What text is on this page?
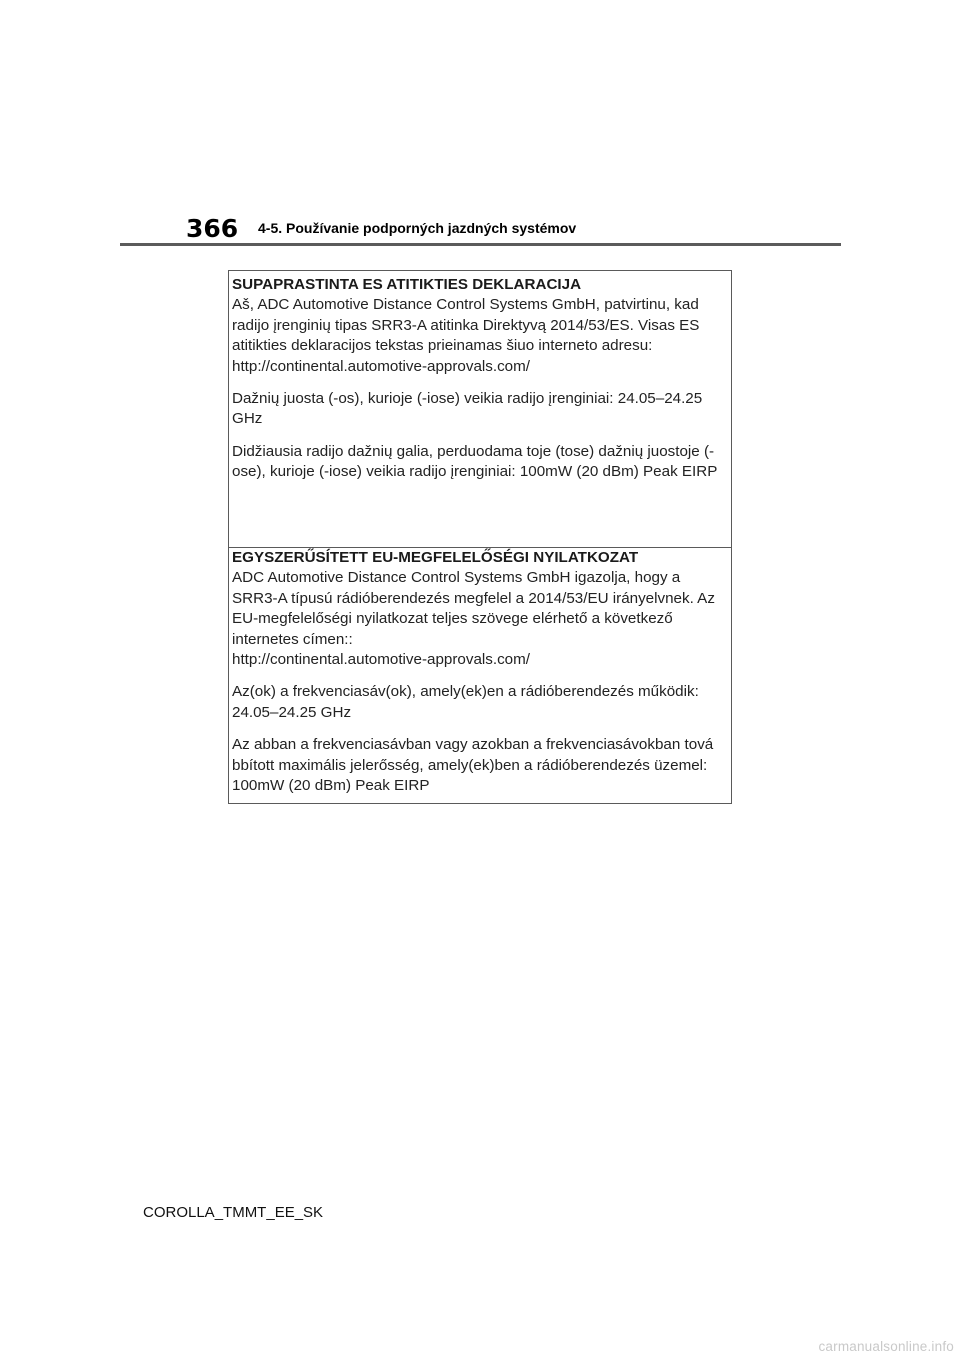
366 4-5. Používanie podporných jazdných systémov
SUPAPRASTINTA ES ATITIKTIES DEKLARACIJA

Aš, ADC Automotive Distance Control Systems GmbH, patvirtinu, kad
radijo įrenginių tipas SRR3-A atitinka Direktyvą 2014/53/ES. Visas ES
atitikties deklaracijos tekstas prieinamas šiuo interneto adresu:
http://continental.automotive-approvals.com/

Dažnių juosta (-os), kurioje (-iose) veikia radijo įrenginiai: 24.05–24.25
GHz

Didžiausia radijo dažnių galia, perduodama toje (tose) dažnių juostoje (-
ose), kurioje (-iose) veikia radijo įrenginiai: 100mW (20 dBm) Peak EIRP

EGYSZERŰSÍTETT EU-MEGFELELŐSÉGI NYILATKOZAT

ADC Automotive Distance Control Systems GmbH igazolja, hogy a
SRR3-A típusú rádióberendezés megfelel a 2014/53/EU irányelvnek. Az
EU-megfelelőségi nyilatkozat teljes szövege elérhető a következő
internetes címen::
http://continental.automotive-approvals.com/

Az(ok) a frekvenciasáv(ok), amely(ek)en a rádióberendezés működik:
24.05–24.25 GHz

Az abban a frekvenciasávban vagy azokban a frekvenciasávokban tová
bbított maximális jelerősség, amely(ek)ben a rádióberendezés üzemel:
100mW (20 dBm) Peak EIRP

COROLLA_TMMT_EE_SK
carmanualsonline.info
